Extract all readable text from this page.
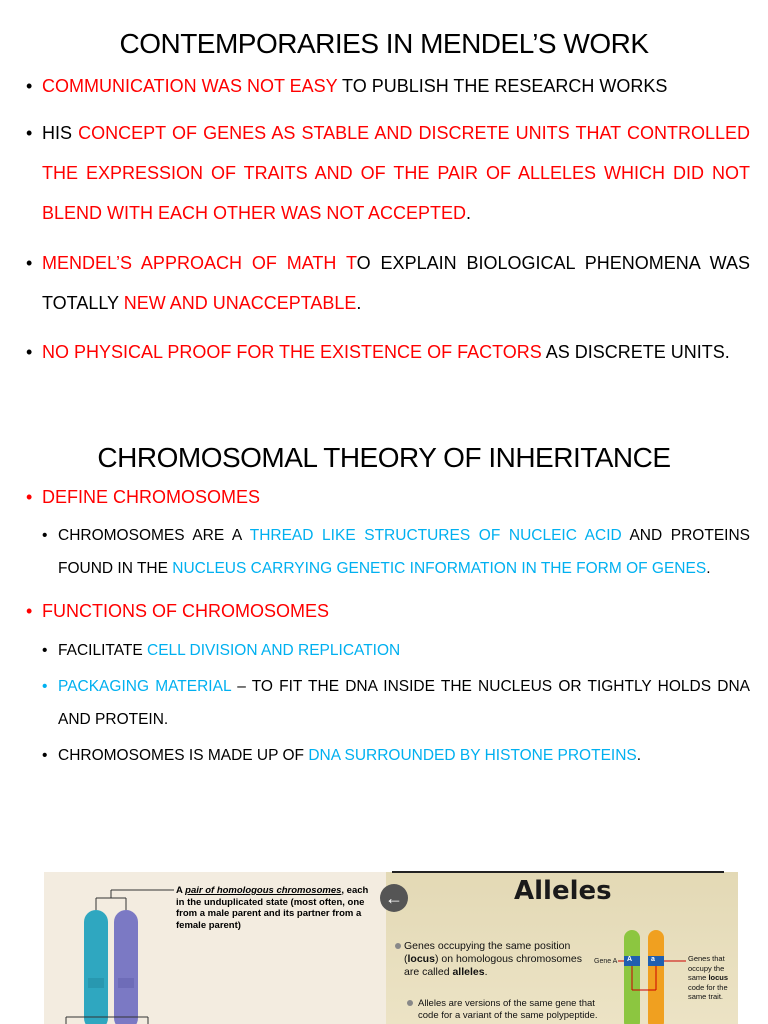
CONTEMPORARIES IN MENDEL’S WORK
• COMMUNICATION WAS NOT EASY TO PUBLISH THE RESEARCH WORKS
• HIS CONCEPT OF GENES AS STABLE AND DISCRETE UNITS THAT CONTROLLED THE EXPRESSION OF TRAITS AND OF THE PAIR OF ALLELES WHICH DID NOT BLEND WITH EACH OTHER WAS NOT ACCEPTED.
• MENDEL’S APPROACH OF MATH TO EXPLAIN BIOLOGICAL PHENOMENA WAS TOTALLY NEW AND UNACCEPTABLE.
• NO PHYSICAL PROOF FOR THE EXISTENCE OF FACTORS AS DISCRETE UNITS.
CHROMOSOMAL THEORY OF INHERITANCE
• DEFINE CHROMOSOMES
• CHROMOSOMES ARE A THREAD LIKE STRUCTURES OF NUCLEIC ACID AND PROTEINS FOUND IN THE NUCLEUS CARRYING GENETIC INFORMATION IN THE FORM OF GENES.
• FUNCTIONS OF CHROMOSOMES
• FACILITATE CELL DIVISION AND REPLICATION
• PACKAGING MATERIAL – TO FIT THE DNA INSIDE THE NUCLEUS OR TIGHTLY HOLDS DNA AND PROTEIN.
• CHROMOSOMES IS MADE UP OF DNA SURROUNDED BY HISTONE PROTEINS.
A pair of homologous chromosomes, each in the unduplicated state (most often, one from a male parent and its partner from a female parent)
←	Alleles
Genes occupying the same position (locus) on homologous chromosomes are called alleles.
Alleles are versions of the same gene that code for a variant of the same polypeptide.
Gene A A	a	Genes that occupy the same locus code for the same trait.
